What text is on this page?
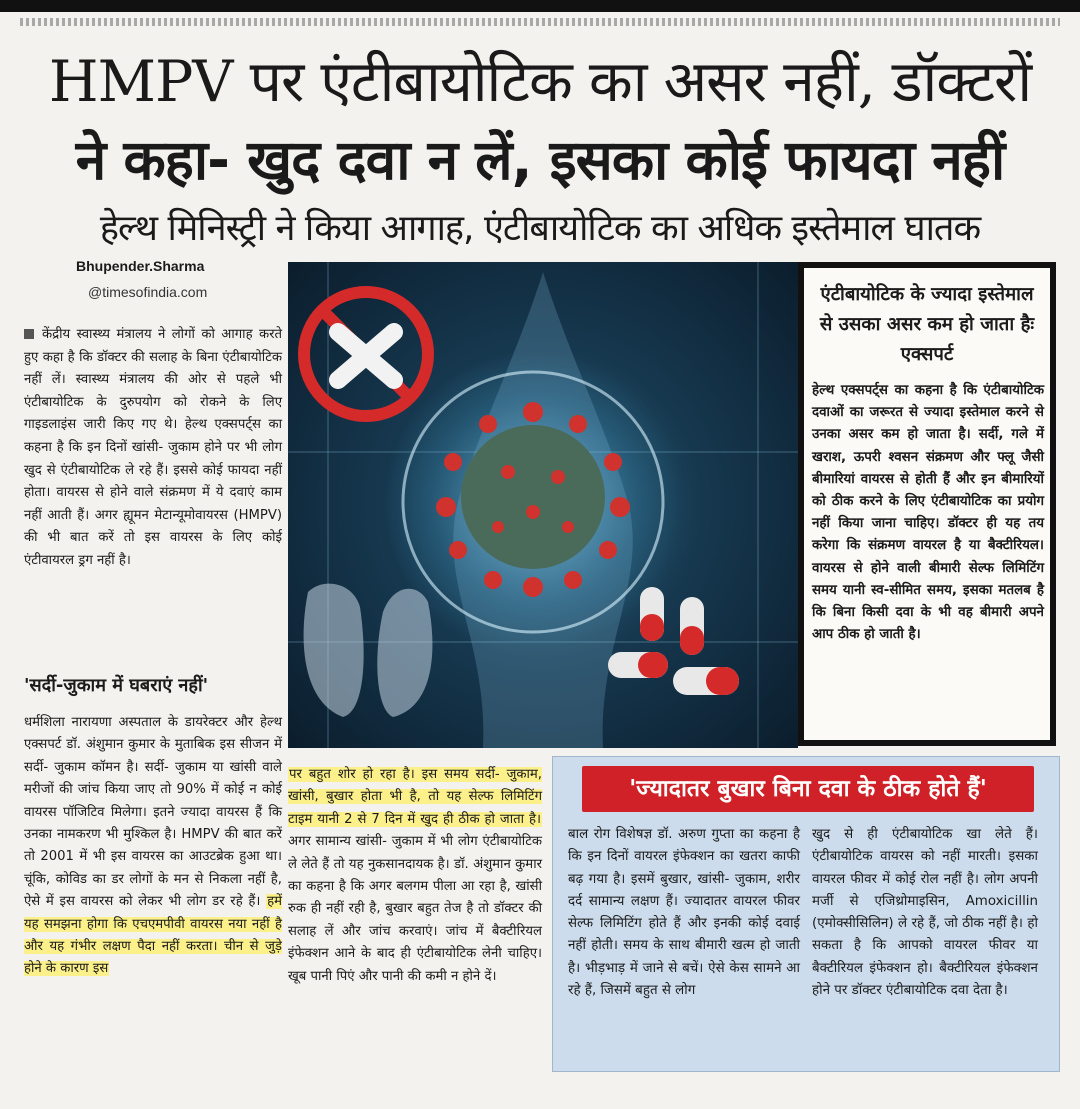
HMPV पर एंटीबायोटिक का असर नहीं, डॉक्टरों
ने कहा- खुद दवा न लें, इसका कोई फायदा नहीं
हेल्थ मिनिस्ट्री ने किया आगाह, एंटीबायोटिक का अधिक इस्तेमाल घातक
Bhupender.Sharma
@timesofindia.com

केंद्रीय स्वास्थ्य मंत्रालय ने लोगों को आगाह करते हुए कहा है कि डॉक्टर की सलाह के बिना एंटीबायोटिक नहीं लें। स्वास्थ्य मंत्रालय की ओर से पहले भी एंटीबायोटिक के दुरुपयोग को रोकने के लिए गाइडलाइंस जारी किए गए थे। हेल्थ एक्सपर्ट्स का कहना है कि इन दिनों खांसी- जुकाम होने पर भी लोग खुद से एंटीबायोटिक ले रहे हैं। इससे कोई फायदा नहीं होता। वायरस से होने वाले संक्रमण में ये दवाएं काम नहीं आती हैं। अगर ह्यूमन मेटान्यूमोवायरस (HMPV) की भी बात करें तो इस वायरस के लिए कोई एंटीवायरल ड्रग नहीं है।

'सर्दी-जुकाम में घबराएं नहीं'
धर्मशिला नारायणा अस्पताल के डायरेक्टर और हेल्थ एक्सपर्ट डॉ. अंशुमान कुमार के मुताबिक इस सीजन में सर्दी- जुकाम कॉमन है। सर्दी- जुकाम या खांसी वाले मरीजों की जांच किया जाए तो 90% में कोई न कोई वायरस पॉजिटिव मिलेगा। इतने ज्यादा वायरस हैं कि उनका नामकरण भी मुश्किल है। HMPV की बात करें तो 2001 में भी इस वायरस का आउटब्रेक हुआ था। चूंकि, कोविड का डर लोगों के मन से निकला नहीं है, ऐसे में इस वायरस को लेकर भी लोग डर रहे हैं। हमें यह समझना होगा कि एचएमपीवी वायरस नया नहीं है और यह गंभीर लक्षण पैदा नहीं करता। चीन से जुड़े होने के कारण इस
एंटीबायोटिक के ज्यादा इस्तेमाल से उसका असर कम हो जाता हैः एक्सपर्ट
हेल्थ एक्सपर्ट्स का कहना है कि एंटीबायोटिक दवाओं का जरूरत से ज्यादा इस्तेमाल करने से उनका असर कम हो जाता है। सर्दी, गले में खराश, ऊपरी श्वसन संक्रमण और फ्लू जैसी बीमारियां वायरस से होती हैं और इन बीमारियों को ठीक करने के लिए एंटीबायोटिक का प्रयोग नहीं किया जाना चाहिए। डॉक्टर ही यह तय करेगा कि संक्रमण वायरल है या बैक्टीरियल। वायरस से होने वाली बीमारी सेल्फ लिमिटिंग समय यानी स्व-सीमित समय, इसका मतलब है कि बिना किसी दवा के भी वह बीमारी अपने आप ठीक हो जाती है।
पर बहुत शोर हो रहा है। इस समय सर्दी- जुकाम, खांसी, बुखार होता भी है, तो यह सेल्फ लिमिटिंग टाइम यानी 2 से 7 दिन में खुद ही ठीक हो जाता है। अगर सामान्य खांसी- जुकाम में भी लोग एंटीबायोटिक ले लेते हैं तो यह नुकसानदायक है। डॉ. अंशुमान कुमार का कहना है कि अगर बलगम पीला आ रहा है, खांसी रुक ही नहीं रही है, बुखार बहुत तेज है तो डॉक्टर की सलाह लें और जांच करवाएं। जांच में बैक्टीरियल इंफेक्शन आने के बाद ही एंटीबायोटिक लेनी चाहिए। खूब पानी पिएं और पानी की कमी न होने दें।
'ज्यादातर बुखार बिना दवा के ठीक होते हैं'
बाल रोग विशेषज्ञ डॉ. अरुण गुप्ता का कहना है कि इन दिनों वायरल इंफेक्शन का खतरा काफी बढ़ गया है। इसमें बुखार, खांसी- जुकाम, शरीर दर्द सामान्य लक्षण हैं। ज्यादातर वायरल फीवर सेल्फ लिमिटिंग होते हैं और इनकी कोई दवाई नहीं होती। समय के साथ बीमारी खत्म हो जाती है। भीड़भाड़ में जाने से बचें। ऐसे केस सामने आ रहे हैं, जिसमें बहुत से लोग
खुद से ही एंटीबायोटिक खा लेते हैं। एंटीबायोटिक वायरस को नहीं मारती। इसका वायरल फीवर में कोई रोल नहीं है। लोग अपनी मर्जी से एजिथ्रोमाइसिन, Amoxicillin (एमोक्सीसिलिन) ले रहे हैं, जो ठीक नहीं है। हो सकता है कि आपको वायरल फीवर या बैक्टीरियल इंफेक्शन हो। बैक्टीरियल इंफेक्शन होने पर डॉक्टर एंटीबायोटिक दवा देता है।
